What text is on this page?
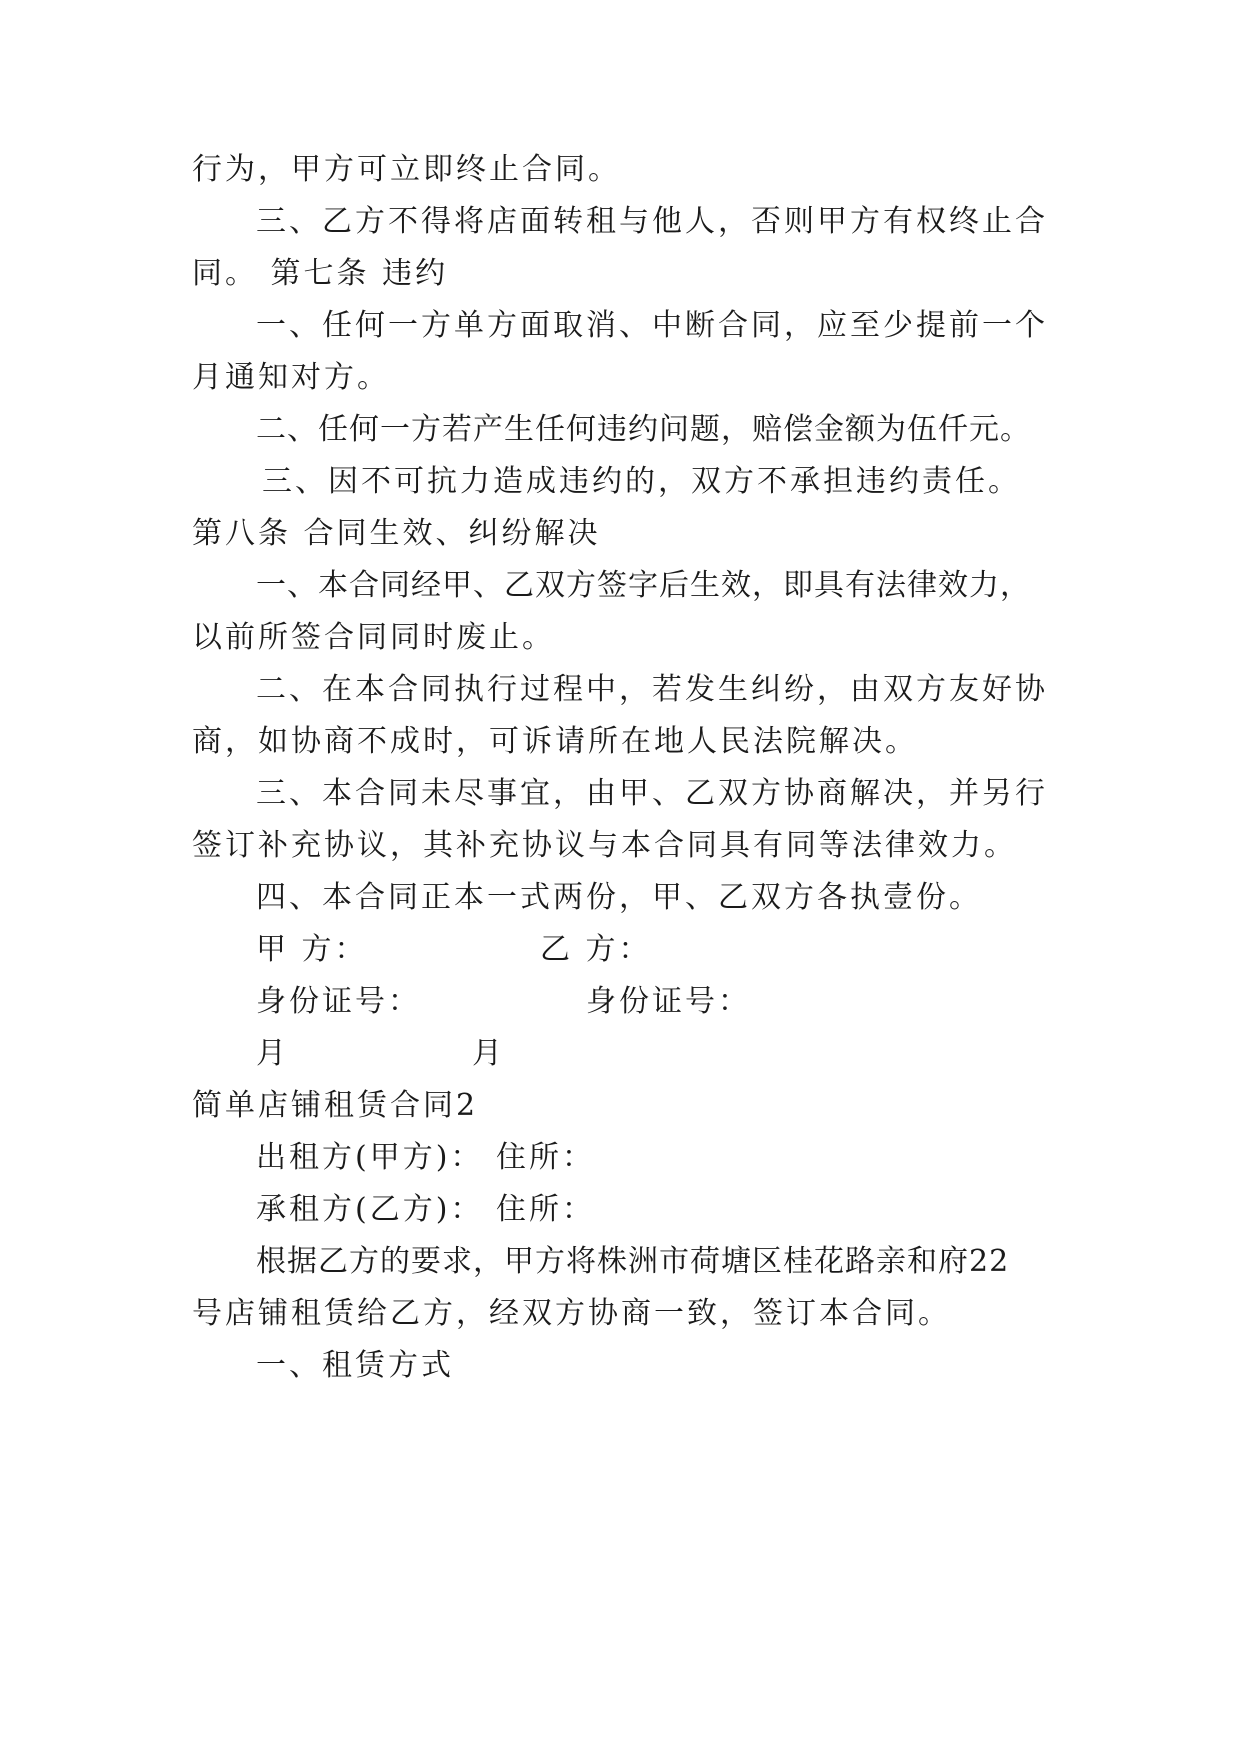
行为，甲方可立即终止合同。
三、乙方不得将店面转租与他人，否则甲方有权终止合
同。 第七条 违约
一、任何一方单方面取消、中断合同，应至少提前一个
月通知对方。
二、任何一方若产生任何违约问题，赔偿金额为伍仟元。
三、因不可抗力造成违约的，双方不承担违约责任。
第八条 合同生效、纠纷解决
一、本合同经甲、乙双方签字后生效，即具有法律效力，
以前所签合同同时废止。
二、在本合同执行过程中，若发生纠纷，由双方友好协
商，如协商不成时，可诉请所在地人民法院解决。
三、本合同未尽事宜，由甲、乙双方协商解决，并另行
签订补充协议，其补充协议与本合同具有同等法律效力。
四、本合同正本一式两份，甲、乙双方各执壹份。
甲 方：	乙 方：
身份证号：	身份证号：
月	月
简单店铺租赁合同2
出租方(甲方)： 住所：
承租方(乙方)： 住所：
根据乙方的要求，甲方将株洲市荷塘区桂花路亲和府22
号店铺租赁给乙方，经双方协商一致，签订本合同。
一、租赁方式
